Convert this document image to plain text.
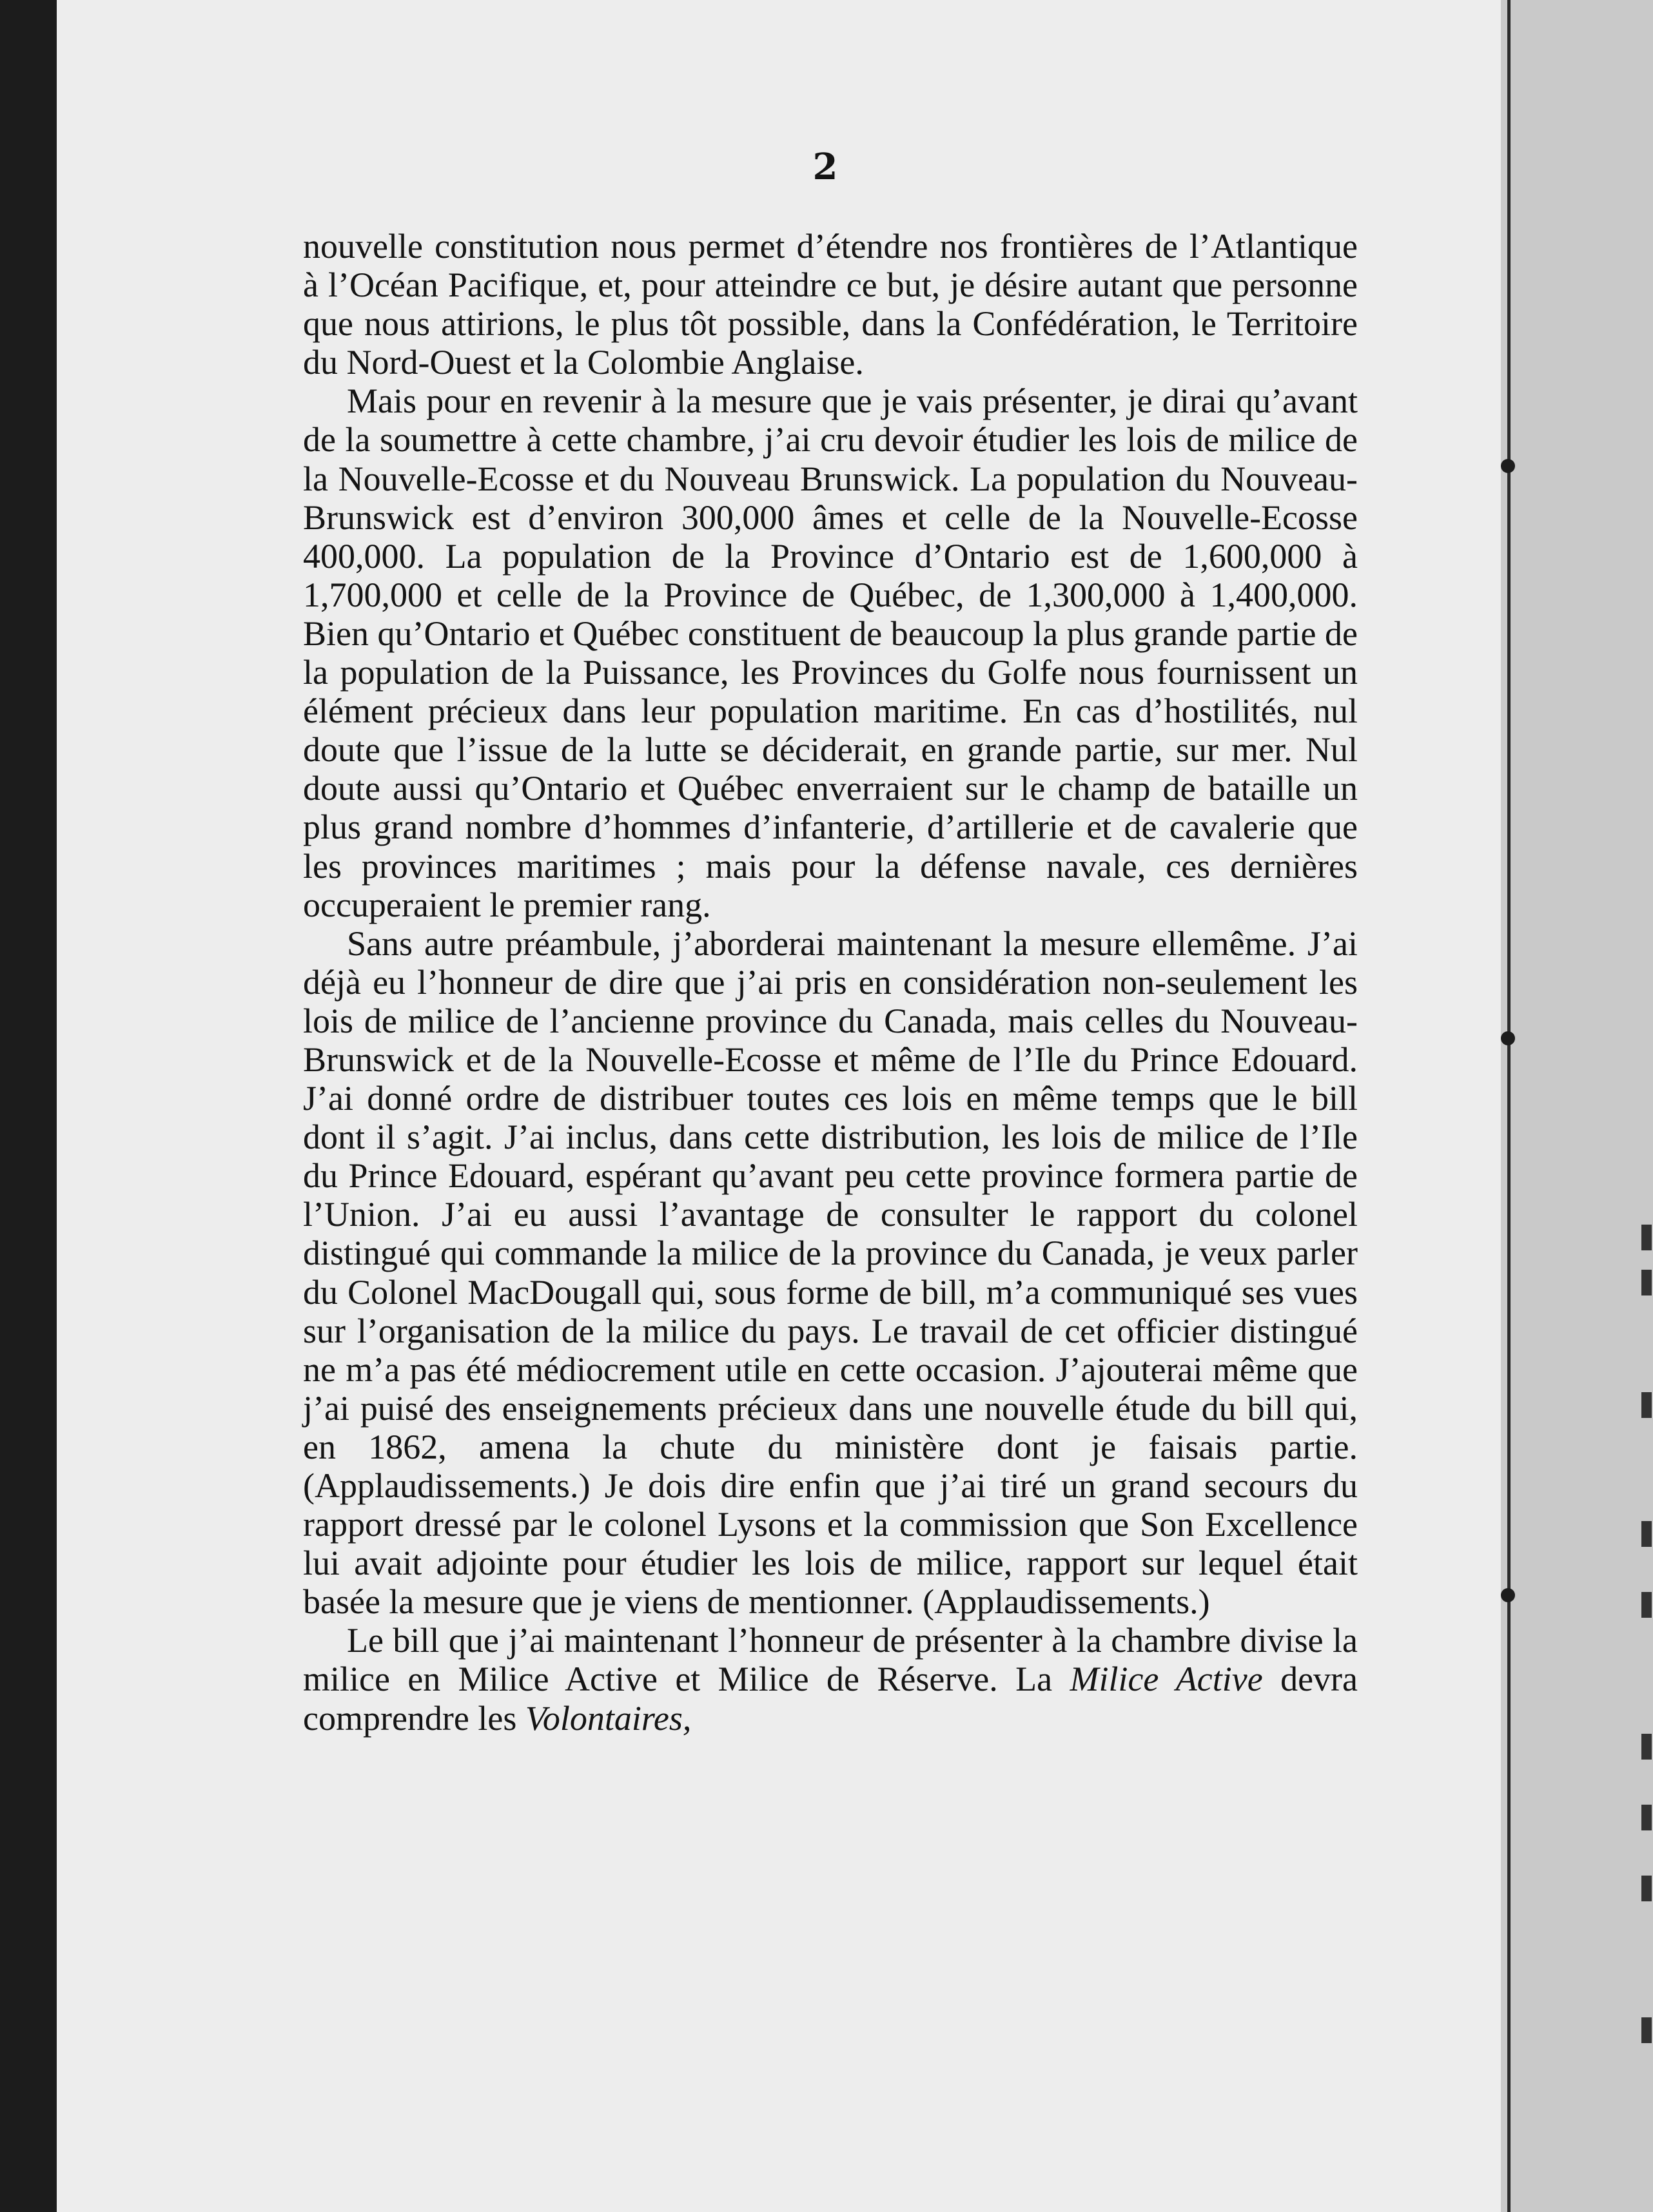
2

nouvelle constitution nous permet d’étendre nos frontières de l’Atlantique à l’Océan Pacifique, et, pour atteindre ce but, je désire autant que personne que nous attirions, le plus tôt possible, dans la Confédération, le Territoire du Nord-Ouest et la Colombie Anglaise.

Mais pour en revenir à la mesure que je vais présenter, je dirai qu’avant de la soumettre à cette chambre, j’ai cru devoir étudier les lois de milice de la Nouvelle-Ecosse et du Nouveau Brunswick. La population du Nouveau-Brunswick est d’environ 300,000 âmes et celle de la Nouvelle-Ecosse 400,000. La population de la Province d’Ontario est de 1,600,000 à 1,700,000 et celle de la Province de Québec, de 1,300,000 à 1,400,000. Bien qu’Ontario et Québec constituent de beaucoup la plus grande partie de la population de la Puissance, les Provinces du Golfe nous fournissent un élément précieux dans leur population maritime. En cas d’hostilités, nul doute que l’issue de la lutte se déciderait, en grande partie, sur mer. Nul doute aussi qu’Ontario et Québec enverraient sur le champ de bataille un plus grand nombre d’hommes d’infanterie, d’artillerie et de cavalerie que les provinces maritimes ; mais pour la défense navale, ces dernières occuperaient le premier rang.

Sans autre préambule, j’aborderai maintenant la mesure ellemême. J’ai déjà eu l’honneur de dire que j’ai pris en considération non-seulement les lois de milice de l’ancienne province du Canada, mais celles du Nouveau-Brunswick et de la Nouvelle-Ecosse et même de l’Ile du Prince Edouard. J’ai donné ordre de distribuer toutes ces lois en même temps que le bill dont il s’agit. J’ai inclus, dans cette distribution, les lois de milice de l’Ile du Prince Edouard, espérant qu’avant peu cette province formera partie de l’Union. J’ai eu aussi l’avantage de consulter le rapport du colonel distingué qui commande la milice de la province du Canada, je veux parler du Colonel MacDougall qui, sous forme de bill, m’a communiqué ses vues sur l’organisation de la milice du pays. Le travail de cet officier distingué ne m’a pas été médiocrement utile en cette occasion. J’ajouterai même que j’ai puisé des enseignements précieux dans une nouvelle étude du bill qui, en 1862, amena la chute du ministère dont je faisais partie. (Applaudissements.) Je dois dire enfin que j’ai tiré un grand secours du rapport dressé par le colonel Lysons et la commission que Son Excellence lui avait adjointe pour étudier les lois de milice, rapport sur lequel était basée la mesure que je viens de mentionner. (Applaudissements.)

Le bill que j’ai maintenant l’honneur de présenter à la chambre divise la milice en Milice Active et Milice de Réserve. La Milice Active devra comprendre les Volontaires,
